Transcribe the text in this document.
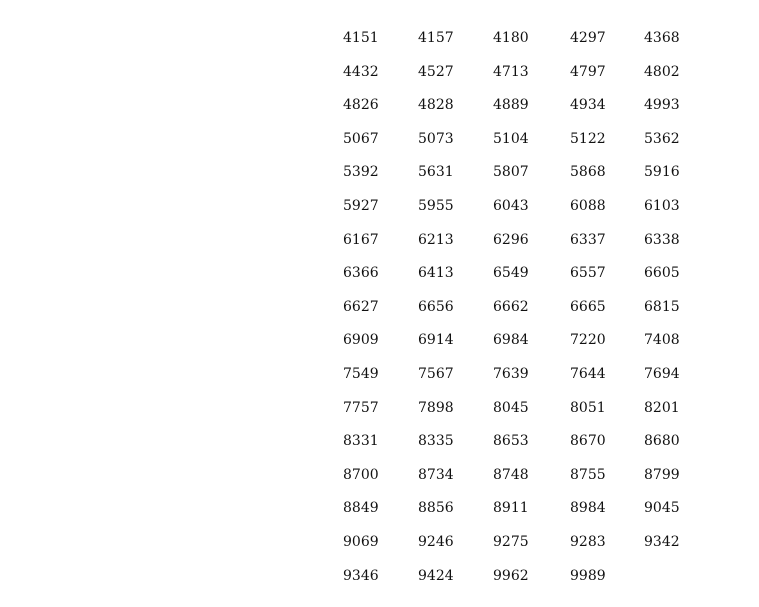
4151	4157	4180	4297	4368
4432	4527	4713	4797	4802
4826	4828	4889	4934	4993
5067	5073	5104	5122	5362
5392	5631	5807	5868	5916
5927	5955	6043	6088	6103
6167	6213	6296	6337	6338
6366	6413	6549	6557	6605
6627	6656	6662	6665	6815
6909	6914	6984	7220	7408
7549	7567	7639	7644	7694
7757	7898	8045	8051	8201
8331	8335	8653	8670	8680
8700	8734	8748	8755	8799
8849	8856	8911	8984	9045
9069	9246	9275	9283	9342
9346	9424	9962	9989	
